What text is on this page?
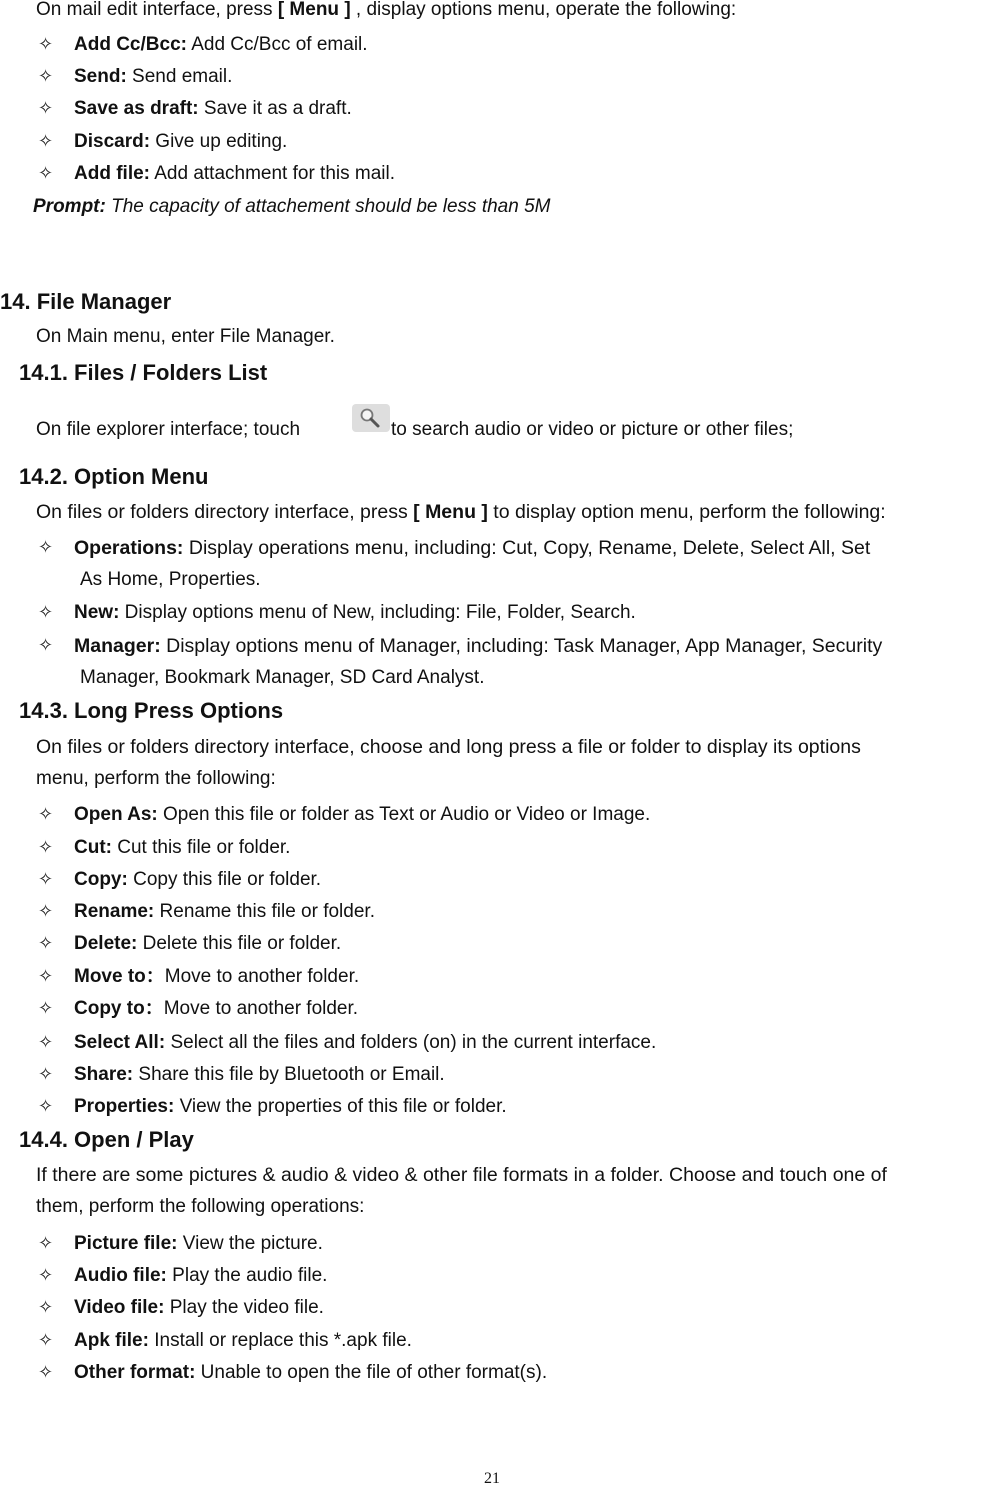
On mail edit interface, press [ Menu ] , display options menu, operate the following:
✧ Add Cc/Bcc: Add Cc/Bcc of email.
✧ Send: Send email.
✧ Save as draft: Save it as a draft.
✧ Discard: Give up editing.
✧ Add file: Add attachment for this mail.
Prompt: The capacity of attachement should be less than 5M
14. File Manager
On Main menu, enter File Manager.
14.1. Files / Folders List
On file explorer interface; touch	to search audio or video or picture or other files;
14.2. Option Menu
On files or folders directory interface, press [ Menu ] to display option menu, perform the following:
✧ Operations: Display operations menu, including: Cut, Copy, Rename, Delete, Select All, Set
As Home, Properties.
✧ New: Display options menu of New, including: File, Folder, Search.
✧ Manager: Display options menu of Manager, including: Task Manager, App Manager, Security
Manager, Bookmark Manager, SD Card Analyst.
14.3. Long Press Options
On files or folders directory interface, choose and long press a file or folder to display its options
menu, perform the following:
✧ Open As: Open this file or folder as Text or Audio or Video or Image.
✧ Cut: Cut this file or folder.
✧ Copy: Copy this file or folder.
✧ Rename: Rename this file or folder.
✧ Delete: Delete this file or folder.
✧ Move to：Move to another folder.
✧ Copy to：Move to another folder.
✧ Select All: Select all the files and folders (on) in the current interface.
✧ Share: Share this file by Bluetooth or Email.
✧ Properties: View the properties of this file or folder.
14.4. Open / Play
If there are some pictures & audio & video & other file formats in a folder. Choose and touch one of
them, perform the following operations:
✧ Picture file: View the picture.
✧ Audio file: Play the audio file.
✧ Video file: Play the video file.
✧ Apk file: Install or replace this *.apk file.
✧ Other format: Unable to open the file of other format(s).
21
